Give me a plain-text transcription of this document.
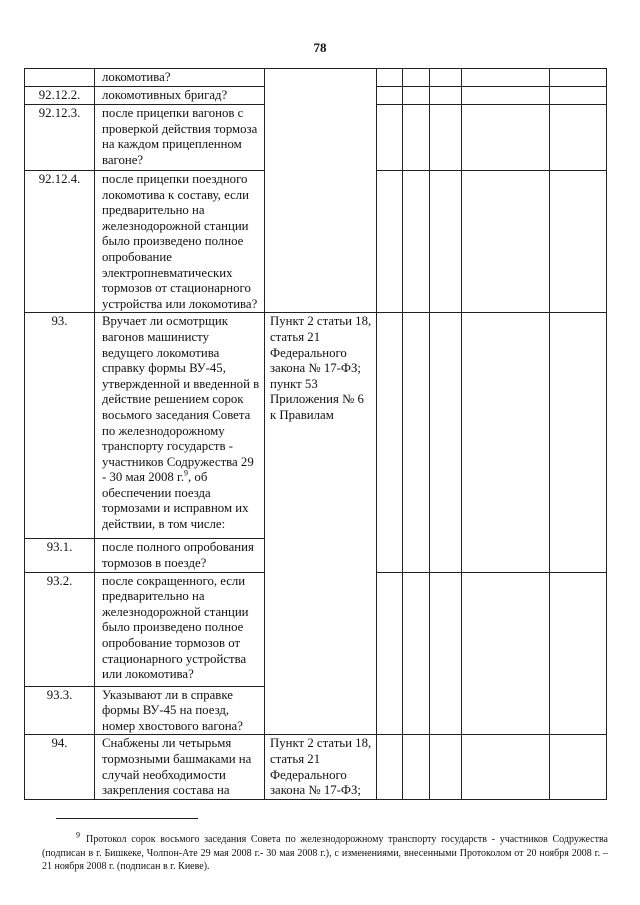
78
	локомотива?						
92.12.2.	локомотивных бригад?						
92.12.3.	после прицепки вагонов с проверкой действия тормоза на каждом прицепленном вагоне?						
92.12.4.	после прицепки поездного локомотива к составу, если предварительно на железнодорожной станции было произведено полное опробование электропневматических тормозов от стационарного устройства или локомотива?						
93.	Вручает ли осмотрщик вагонов машинисту ведущего локомотива справку формы ВУ-45, утвержденной и введенной в действие решением сорок восьмого заседания Совета по железнодорожному транспорту государств - участников Содружества 29 - 30 мая 2008 г.$^9$, об обеспечении поезда тормозами и исправном их действии, в том числе:	Пункт 2 статьи 18, статья 21 Федерального закона № 17-ФЗ; пункт 53 Приложения № 6 к Правилам					
93.1.	после полного опробования тормозов в поезде?						
93.2.	после сокращенного, если предварительно на железнодорожной станции было произведено полное опробование тормозов от стационарного устройства или локомотива?						
93.3.	Указывают ли в справке формы ВУ-45 на поезд, номер хвостового вагона?						
94.	Снабжены ли четырьмя тормозными башмаками на случай необходимости закрепления состава на	Пункт 2 статьи 18, статья 21 Федерального закона № 17-ФЗ;					
$^9$ Протокол сорок восьмого заседания Совета по железнодорожному транспорту государств - участников Содружества (подписан в г. Бишкеке, Чолпон-Ате 29 мая 2008 г.- 30 мая 2008 г.), с изменениями, внесенными Протоколом от 20 ноября 2008 г. – 21 ноября 2008 г. (подписан в г. Киеве).
